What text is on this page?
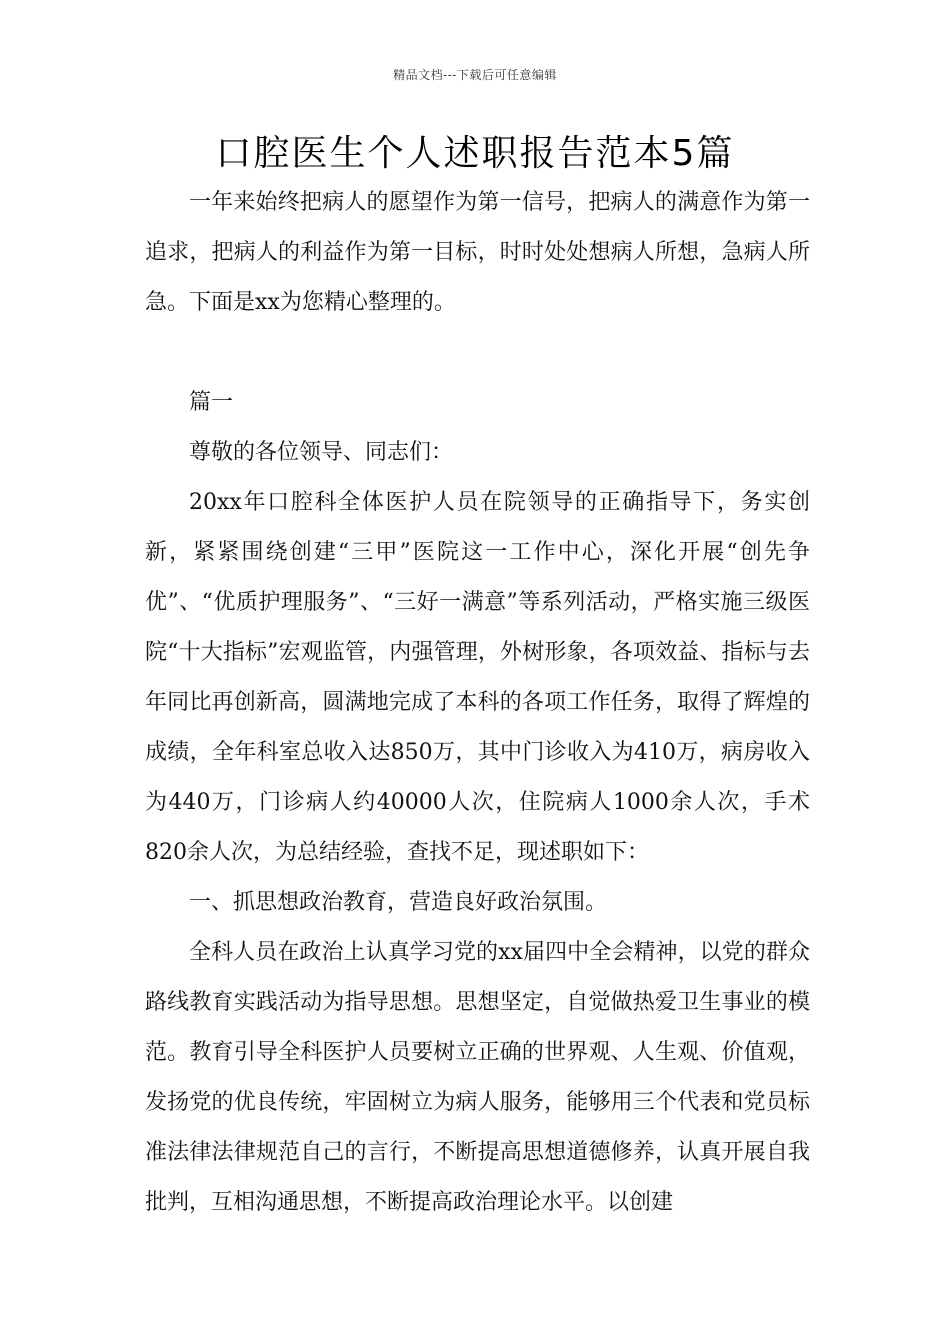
精品文档---下载后可任意编辑
口腔医生个人述职报告范本5篇

一年来始终把病人的愿望作为第一信号，把病人的满意作为第一追求，把病人的利益作为第一目标，时时处处想病人所想，急病人所急。下面是xx为您精心整理的。

篇一

尊敬的各位领导、同志们：

20xx年口腔科全体医护人员在院领导的正确指导下，务实创新，紧紧围绕创建“三甲”医院这一工作中心，深化开展“创先争优”、“优质护理服务”、“三好一满意”等系列活动，严格实施三级医院“十大指标”宏观监管，内强管理，外树形象，各项效益、指标与去年同比再创新高，圆满地完成了本科的各项工作任务，取得了辉煌的成绩，全年科室总收入达850万，其中门诊收入为410万，病房收入为440万，门诊病人约40000人次，住院病人1000余人次，手术820余人次，为总结经验，查找不足，现述职如下：

一、抓思想政治教育，营造良好政治氛围。

全科人员在政治上认真学习党的xx届四中全会精神，以党的群众路线教育实践活动为指导思想。思想坚定，自觉做热爱卫生事业的模范。教育引导全科医护人员要树立正确的世界观、人生观、价值观，发扬党的优良传统，牢固树立为病人服务，能够用三个代表和党员标准法律法律规范自己的言行，不断提高思想道德修养，认真开展自我批判，互相沟通思想，不断提高政治理论水平。以创建
